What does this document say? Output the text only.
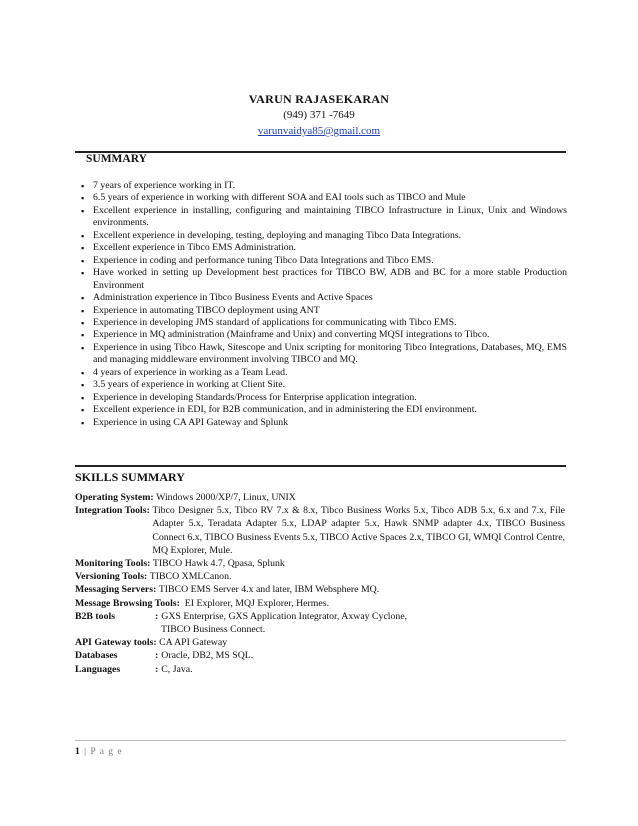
VARUN RAJASEKARAN
(949) 371 -7649
varunvaidya85@gmail.com
SUMMARY
▪ 7 years of experience working in IT.
▪ 6.5 years of experience in working with different SOA and EAI tools such as TIBCO and Mule
▪ Excellent experience in installing, configuring and maintaining TIBCO Infrastructure in Linux, Unix and Windows environments.
▪ Excellent experience in developing, testing, deploying and managing Tibco Data Integrations.
▪ Excellent experience in Tibco EMS Administration.
▪ Experience in coding and performance tuning Tibco Data Integrations and Tibco EMS.
▪ Have worked in setting up Development best practices for TIBCO BW, ADB and BC for a more stable Production Environment
▪ Administration experience in Tibco Business Events and Active Spaces
▪ Experience in automating TIBCO deployment using ANT
▪ Experience in developing JMS standard of applications for communicating with Tibco EMS.
▪ Experience in MQ administration (Mainframe and Unix) and converting MQSI integrations to Tibco.
▪ Experience in using Tibco Hawk, Sitescope and Unix scripting for monitoring Tibco Integrations, Databases, MQ, EMS and managing middleware environment involving TIBCO and MQ.
▪ 4 years of experience in working as a Team Lead.
▪ 3.5 years of experience in working at Client Site.
▪ Experience in developing Standards/Process for Enterprise application integration.
▪ Excellent experience in EDI, for B2B communication, and in administering the EDI environment.
▪ Experience in using CA API Gateway and Splunk
SKILLS SUMMARY
Operating System:
Windows 2000/XP/7, Linux, UNIX
Integration Tools:
Tibco Designer 5.x, Tibco RV 7.x & 8.x, Tibco Business Works 5.x, Tibco ADB 5.x, 6.x and 7.x, File Adapter 5.x, Teradata Adapter 5.x, LDAP adapter 5.x, Hawk SNMP adapter 4.x, TIBCO Business Connect 6.x, TIBCO Business Events 5.x, TIBCO Active Spaces 2.x, TIBCO GI, WMQI Control Centre, MQ Explorer, Mule.
Monitoring Tools:
TIBCO Hawk 4.7, Qpasa, Splunk
Versioning Tools:
TIBCO XMLCanon.
Messaging Servers:
TIBCO EMS Server 4.x and later, IBM Websphere MQ.
Message Browsing Tools:
EI Explorer, MQJ Explorer, Hermes.
B2B tools	: GXS Enterprise, GXS Application Integrator, Axway Cyclone,
TIBCO Business Connect.
API Gateway tools:
CA API Gateway
Databases	: Oracle, DB2, MS SQL.
Languages	: C, Java.
1 | P a g e
